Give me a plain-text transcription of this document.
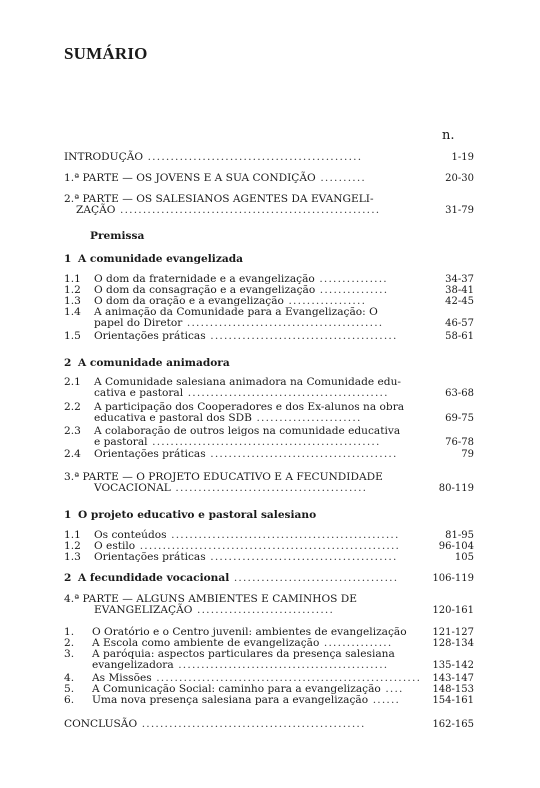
SUMÁRIO
n.
INTRODUÇÃO ...............................................	1-19
1.ª PARTE — OS JOVENS E A SUA CONDIÇÃO ..........	20-30
2.ª PARTE — OS SALESIANOS AGENTES DA EVANGELI-
ZAÇÃO .........................................................	31-79
Premissa
1 A comunidade evangelizada
1.1	O dom da fraternidade e a evangelização ...............	34-37
1.2	O dom da consagração e a evangelização ...............	38-41
1.3	O dom da oração e a evangelização .................	42-45
1.4	A animação da Comunidade para a Evangelização: O
papel do Diretor ...........................................	46-57
1.5	Orientações práticas .........................................	58-61
2 A comunidade animadora
2.1	A Comunidade salesiana animadora na Comunidade edu-
cativa e pastoral ............................................	63-68
2.2	A participação dos Cooperadores e dos Ex-alunos na obra
educativa e pastoral dos SDB .......................	69-75
2.3	A colaboração de outros leigos na comunidade educativa
e pastoral ..................................................	76-78
2.4	Orientações práticas .........................................	79
3.ª PARTE — O PROJETO EDUCATIVO E A FECUNDIDADE
VOCACIONAL ..........................................	80-119
1 O projeto educativo e pastoral salesiano
1.1	Os conteúdos ..................................................	81-95
1.2	O estilo .........................................................	96-104
1.3	Orientações práticas .........................................	105
2 A fecundidade vocacional ....................................	106-119
4.ª PARTE — ALGUNS AMBIENTES E CAMINHOS DE
EVANGELIZAÇÃO ..............................	120-161
1.	O Oratório e o Centro juvenil: ambientes de evangelização	121-127
2.	A Escola como ambiente de evangelização ...............	128-134
3.	A paróquia: aspectos particulares da presença salesiana
evangelizadora ..............................................	135-142
4.	As Missões ..........................................................	143-147
5.	A Comunicação Social: caminho para a evangelização ....	148-153
6.	Uma nova presença salesiana para a evangelização ......	154-161
CONCLUSÃO .................................................	162-165
